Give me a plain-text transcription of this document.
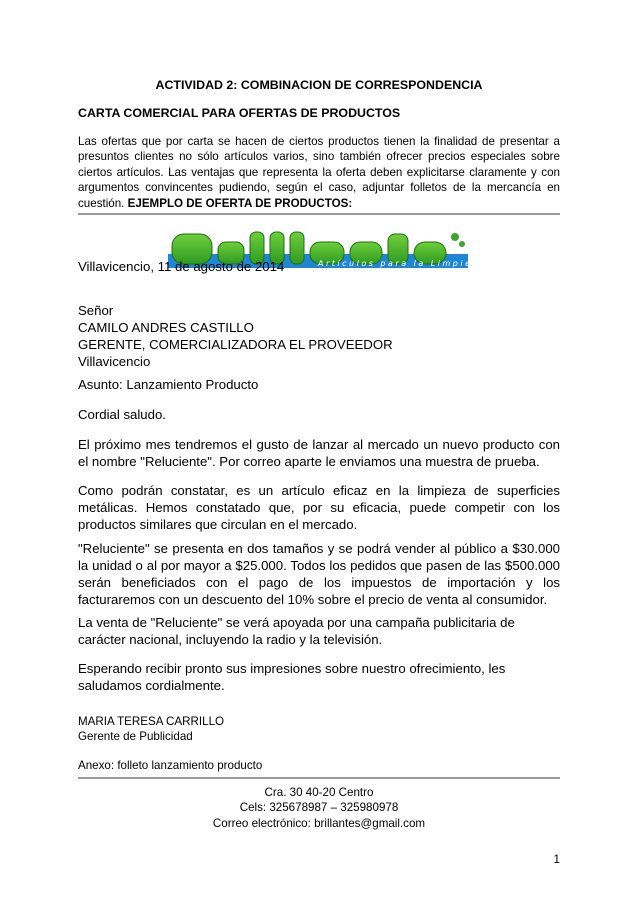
ACTIVIDAD 2: COMBINACION DE CORRESPONDENCIA
CARTA COMERCIAL PARA OFERTAS DE PRODUCTOS
Las ofertas que por carta se hacen de ciertos productos tienen la finalidad de presentar a presuntos clientes no sólo artículos varios, sino también ofrecer precios especiales sobre ciertos artículos. Las ventajas que representa la oferta deben explicitarse claramente y con argumentos convincentes pudiendo, según el caso, adjuntar folletos de la mercancía en cuestión. EJEMPLO DE OFERTA DE PRODUCTOS:
Artículos para la Limpieza
Villavicencio, 11 de agosto de 2014
Señor
CAMILO ANDRES CASTILLO
GERENTE, COMERCIALIZADORA EL PROVEEDOR
Villavicencio
Asunto: Lanzamiento Producto
Cordial saludo.
El próximo mes tendremos el gusto de lanzar al mercado un nuevo producto con el nombre "Reluciente". Por correo aparte le enviamos una muestra de prueba.
Como podrán constatar, es un artículo eficaz en la limpieza de superficies metálicas. Hemos constatado que, por su eficacia, puede competir con los productos similares que circulan en el mercado.
"Reluciente" se presenta en dos tamaños y se podrá vender al público a $30.000 la unidad o al por mayor a $25.000. Todos los pedidos que pasen de las $500.000 serán beneficiados con el pago de los impuestos de importación y los facturaremos con un descuento del 10% sobre el precio de venta al consumidor.
La venta de "Reluciente" se verá apoyada por una campaña publicitaria de carácter nacional, incluyendo la radio y la televisión.
Esperando recibir pronto sus impresiones sobre nuestro ofrecimiento, les saludamos cordialmente.
MARIA TERESA CARRILLO
Gerente de Publicidad
Anexo: folleto lanzamiento producto
Cra. 30 40-20 Centro
Cels: 325678987 – 325980978
Correo electrónico: brillantes@gmail.com
1
